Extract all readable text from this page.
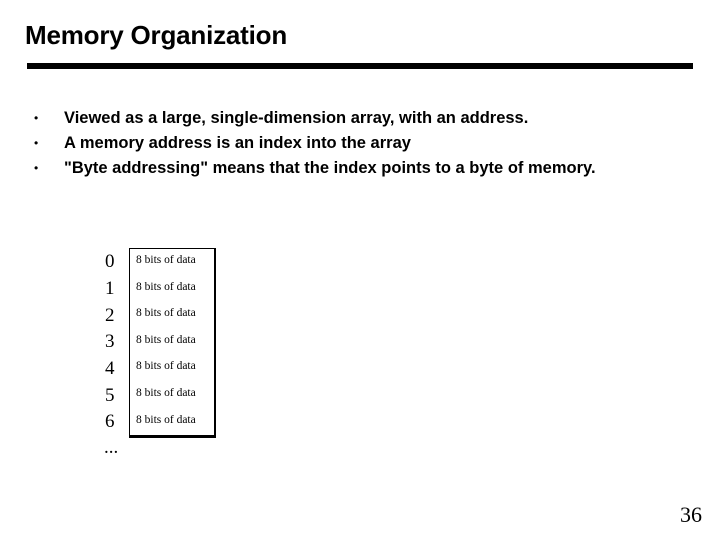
Memory Organization
• Viewed as a large, single-dimension array, with an address.
• A memory address is an index into the array
• "Byte addressing" means that the index points to a byte of memory.
0
1
2
3
4
5
6
8 bits of data
8 bits of data
8 bits of data
8 bits of data
8 bits of data
8 bits of data
8 bits of data
...
36
